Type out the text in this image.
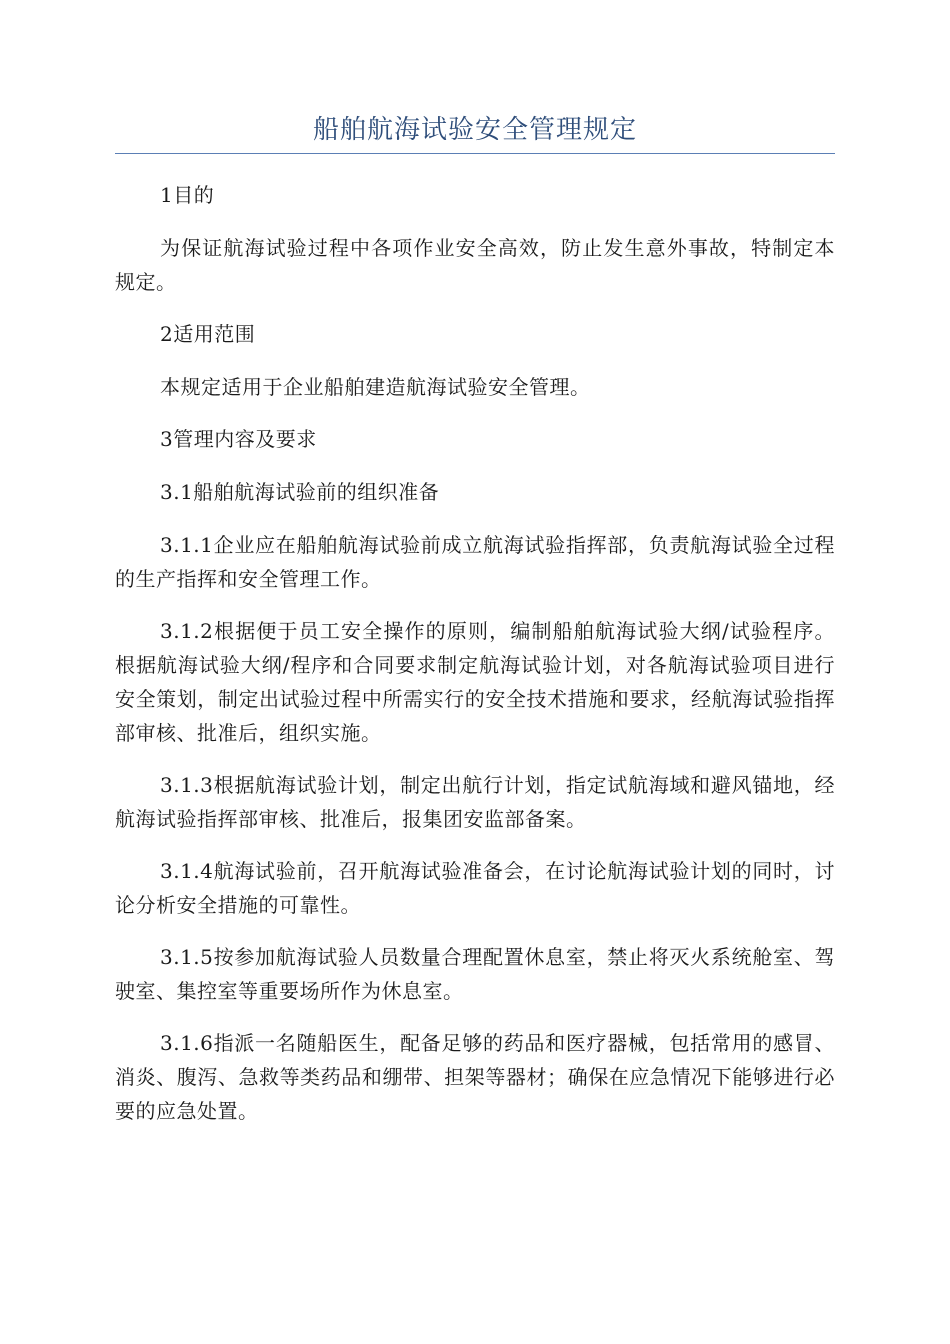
船舶航海试验安全管理规定

1目的

为保证航海试验过程中各项作业安全高效，防止发生意外事故，特制定本规定。

2适用范围

本规定适用于企业船舶建造航海试验安全管理。

3管理内容及要求

3.1船舶航海试验前的组织准备

3.1.1企业应在船舶航海试验前成立航海试验指挥部，负责航海试验全过程的生产指挥和安全管理工作。

3.1.2根据便于员工安全操作的原则，编制船舶航海试验大纲/试验程序。根据航海试验大纲/程序和合同要求制定航海试验计划，对各航海试验项目进行安全策划，制定出试验过程中所需实行的安全技术措施和要求，经航海试验指挥部审核、批准后，组织实施。

3.1.3根据航海试验计划，制定出航行计划，指定试航海域和避风锚地，经航海试验指挥部审核、批准后，报集团安监部备案。

3.1.4航海试验前，召开航海试验准备会，在讨论航海试验计划的同时，讨论分析安全措施的可靠性。

3.1.5按参加航海试验人员数量合理配置休息室，禁止将灭火系统舱室、驾驶室、集控室等重要场所作为休息室。

3.1.6指派一名随船医生，配备足够的药品和医疗器械，包括常用的感冒、消炎、腹泻、急救等类药品和绷带、担架等器材；确保在应急情况下能够进行必要的应急处置。
